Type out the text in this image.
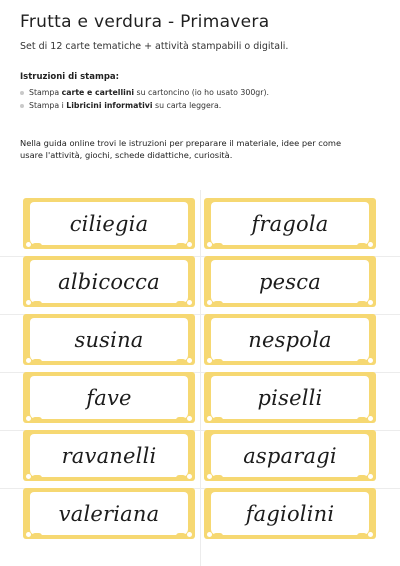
Frutta e verdura - Primavera
Set di 12 carte tematiche + attività stampabili o digitali.
Istruzioni di stampa:
Stampa carte e cartellini su cartoncino (io ho usato 300gr).
Stampa i Libricini informativi su carta leggera.
Nella guida online trovi le istruzioni per preparare il materiale, idee per come usare l'attività, giochi, schede didattiche, curiosità.
ciliegia	fragola
albicocca	pesca
susina	nespola
fave	piselli
ravanelli	asparagi
valeriana	fagiolini
